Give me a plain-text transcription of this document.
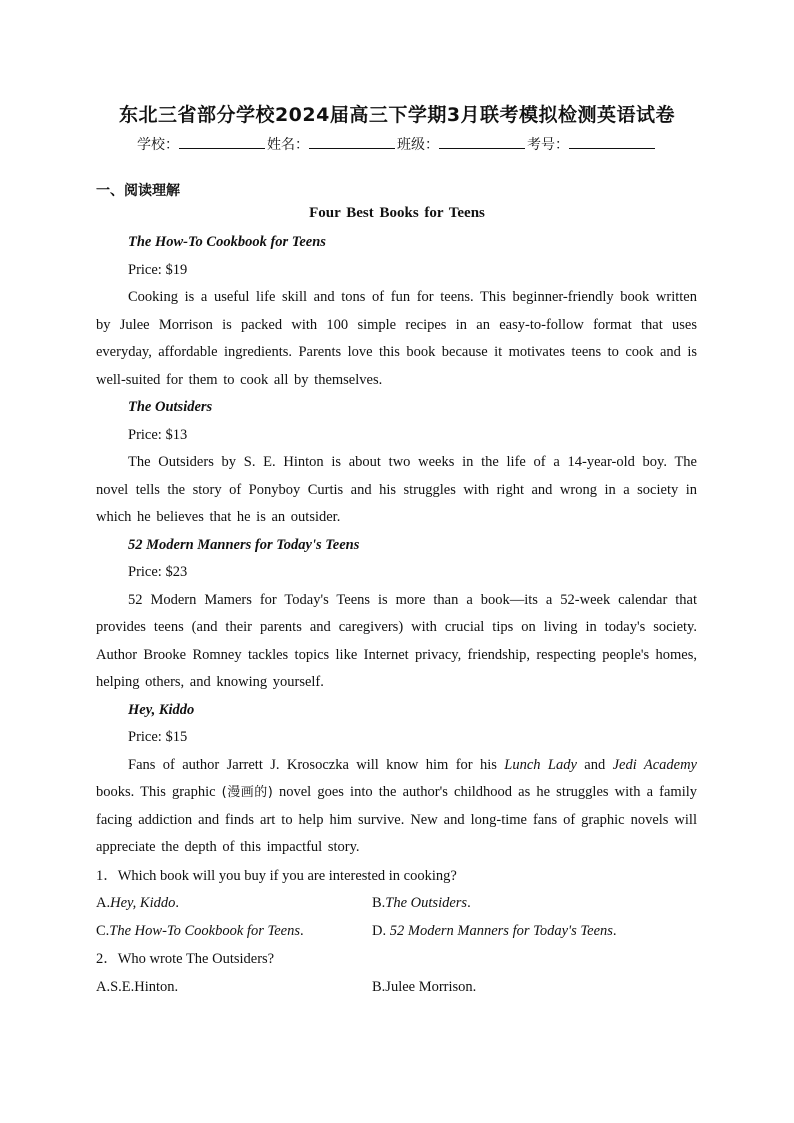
东北三省部分学校2024届高三下学期3月联考模拟检测英语试卷
学校：	姓名：	班级：	考号：
一、阅读理解
Four Best Books for Teens
The How-To Cookbook for Teens
Price: $19
Cooking is a useful life skill and tons of fun for teens. This beginner-friendly book written by Julee Morrison is packed with 100 simple recipes in an easy-to-follow format that uses everyday, affordable ingredients. Parents love this book because it motivates teens to cook and is well-suited for them to cook all by themselves.
The Outsiders
Price: $13
The Outsiders by S. E. Hinton is about two weeks in the life of a 14-year-old boy. The novel tells the story of Ponyboy Curtis and his struggles with right and wrong in a society in which he believes that he is an outsider.
52 Modern Manners for Today's Teens
Price: $23
52 Modern Mamers for Today's Teens is more than a book—its a 52-week calendar that provides teens (and their parents and caregivers) with crucial tips on living in today's society. Author Brooke Romney tackles topics like Internet privacy, friendship, respecting people's homes, helping others, and knowing yourself.
Hey, Kiddo
Price: $15
Fans of author Jarrett J. Krosoczka will know him for his Lunch Lady and Jedi Academy books. This graphic (漫画的) novel goes into the author's childhood as he struggles with a family facing addiction and finds art to help him survive. New and long-time fans of graphic novels will appreciate the depth of this impactful story.
1．Which book will you buy if you are interested in cooking?
A.Hey, Kiddo.	B.The Outsiders.
C.The How-To Cookbook for Teens.	D. 52 Modern Manners for Today's Teens.
2．Who wrote The Outsiders?
A.S.E.Hinton.	B.Julee Morrison.
